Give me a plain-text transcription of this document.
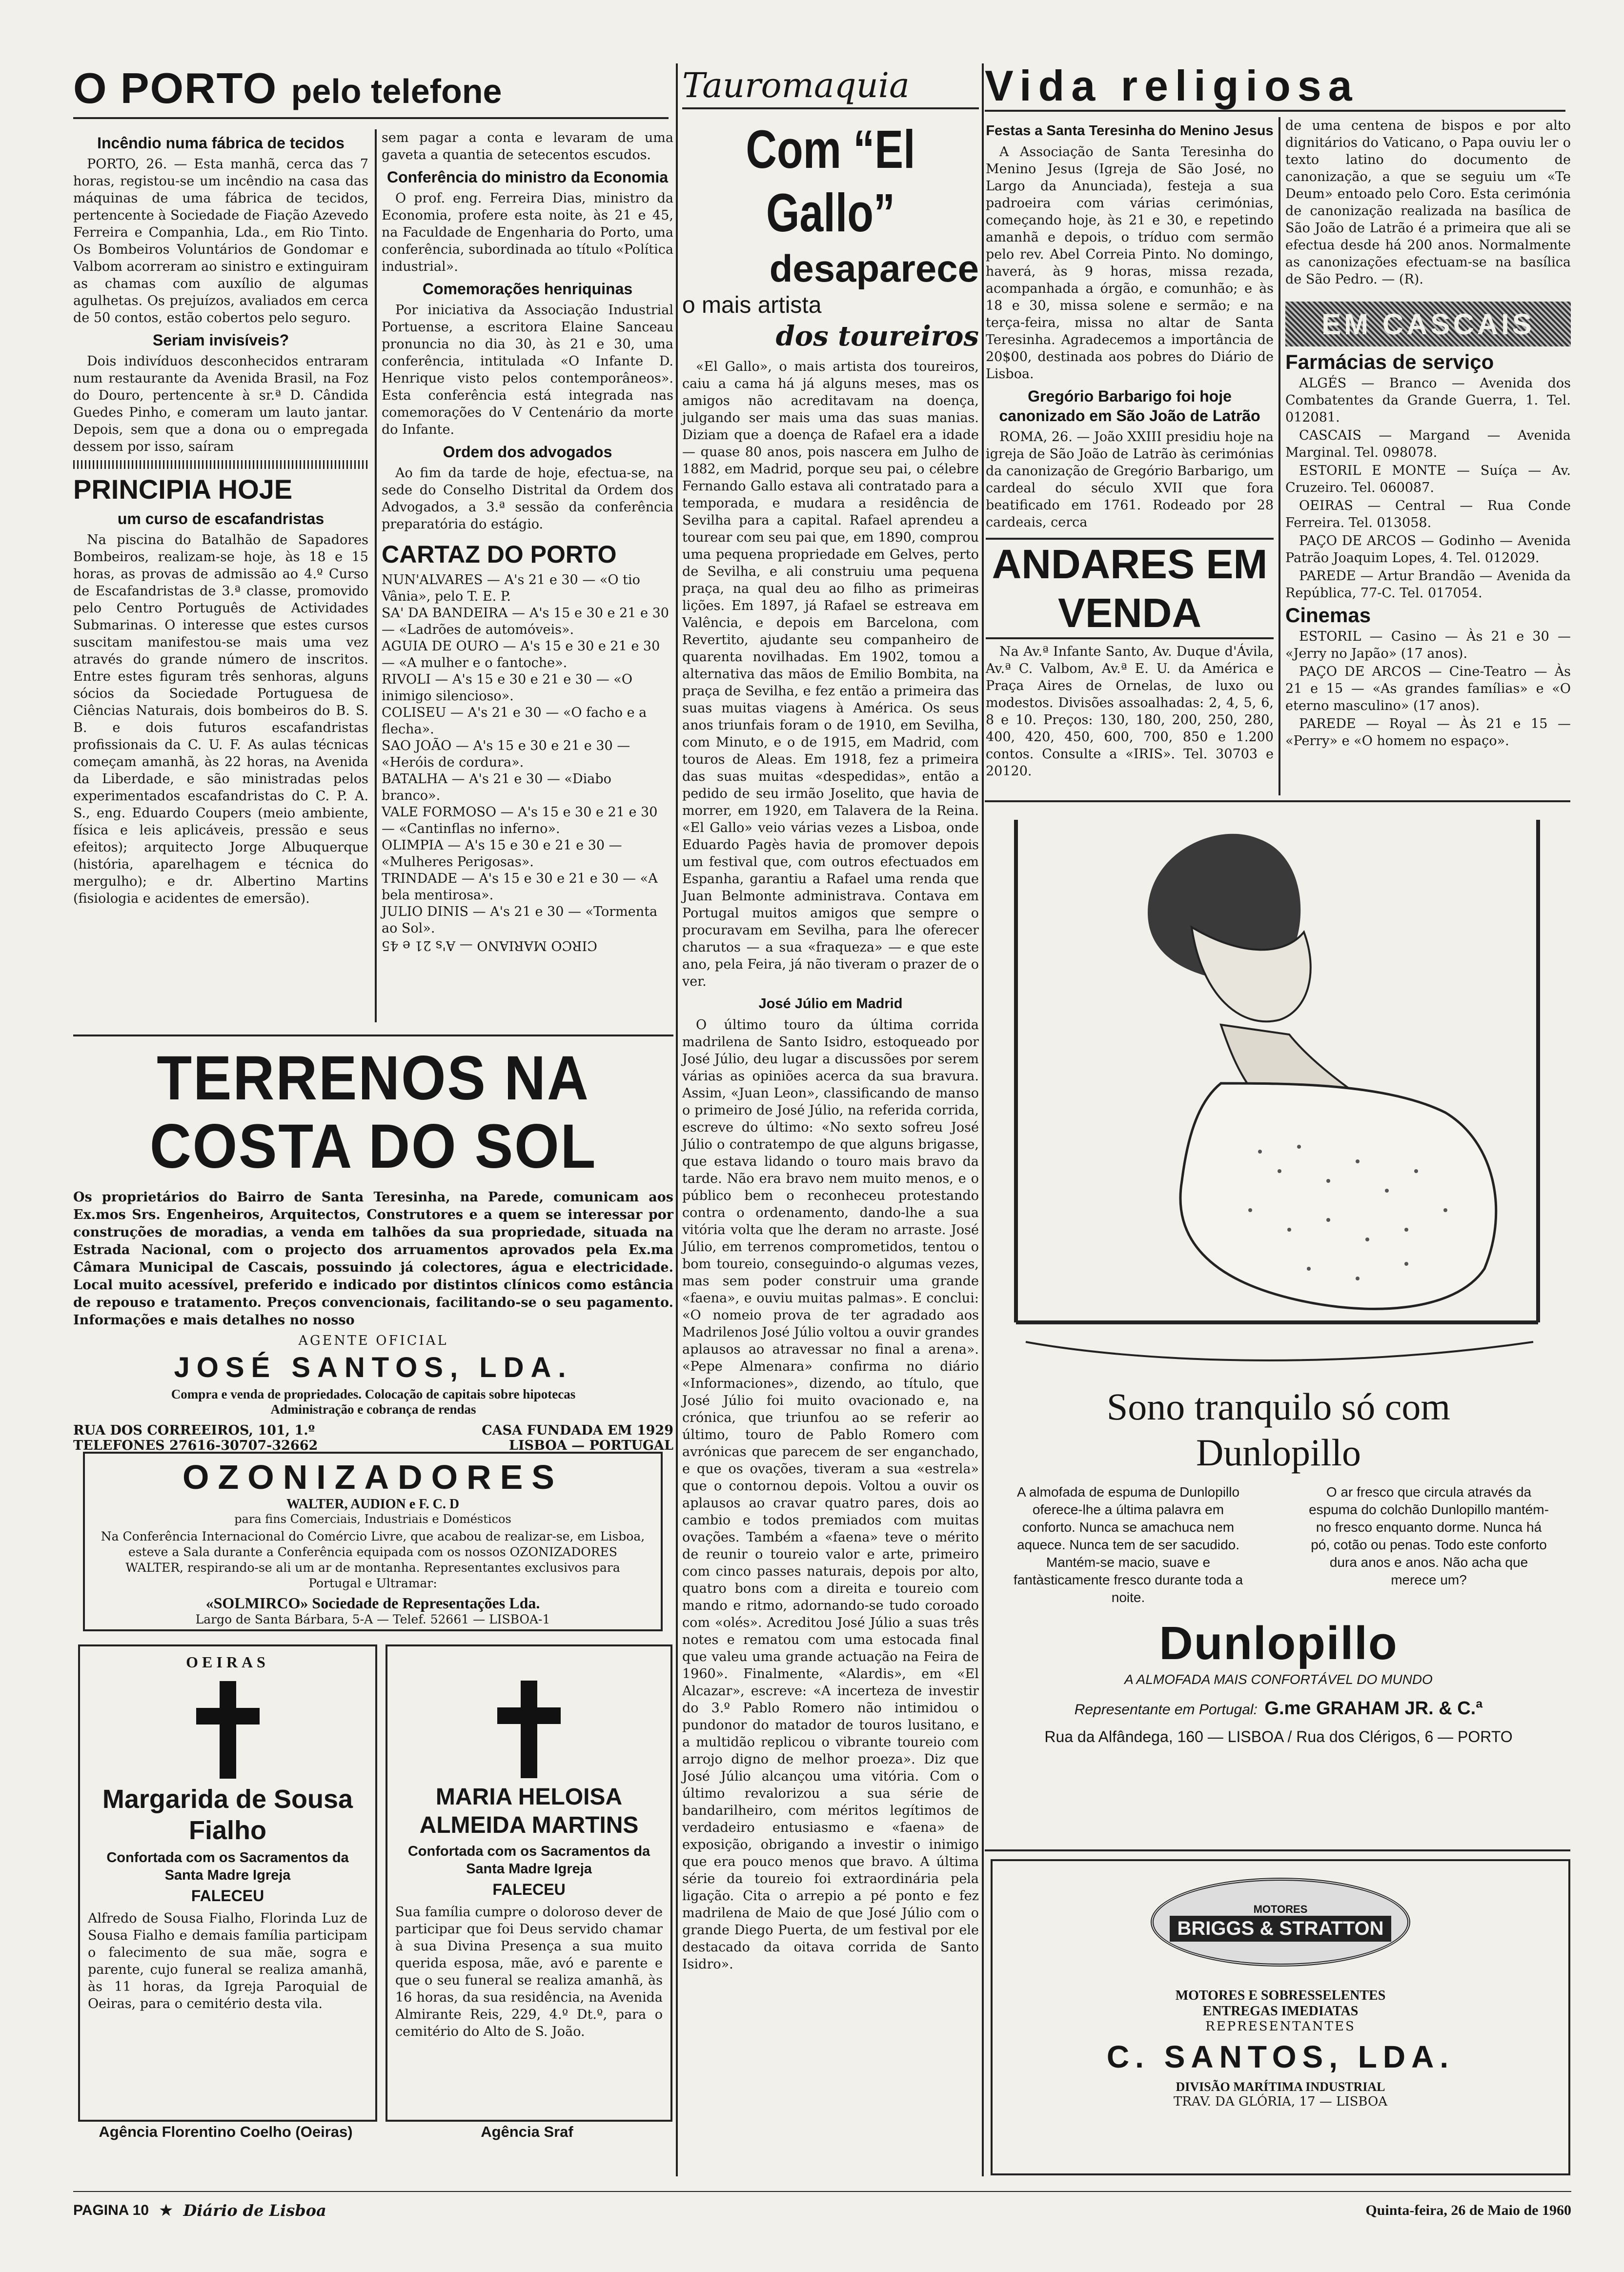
O PORTO pelo telefone
Incêndio numa fábrica de tecidos

PORTO, 26. — Esta manhã, cerca das 7 horas, registou-se um incêndio na casa das máquinas de uma fábrica de tecidos, pertencente à Sociedade de Fiação Azevedo Ferreira e Companhia, Lda., em Rio Tinto. Os Bombeiros Voluntários de Gondomar e Valbom acorreram ao sinistro e extinguiram as chamas com auxílio de algumas agulhetas. Os prejuízos, avaliados em cerca de 50 contos, estão cobertos pelo seguro.

Seriam invisíveis?

Dois indivíduos desconhecidos entraram num restaurante da Avenida Brasil, na Foz do Douro, pertencente à sr.ª D. Cândida Guedes Pinho, e comeram um lauto jantar. Depois, sem que a dona ou o empregada dessem por isso, saíram

PRINCIPIA HOJE
um curso de escafandristas

Na piscina do Batalhão de Sapadores Bombeiros, realizam-se hoje, às 18 e 15 horas, as provas de admissão ao 4.º Curso de Escafandristas de 3.ª classe, promovido pelo Centro Português de Actividades Submarinas. O interesse que estes cursos suscitam manifestou-se mais uma vez através do grande número de inscritos. Entre estes figuram três senhoras, alguns sócios da Sociedade Portuguesa de Ciências Naturais, dois bombeiros do B. S. B. e dois futuros escafandristas profissionais da C. U. F. As aulas técnicas começam amanhã, às 22 horas, na Avenida da Liberdade, e são ministradas pelos experimentados escafandristas do C. P. A. S., eng. Eduardo Coupers (meio ambiente, física e leis aplicáveis, pressão e seus efeitos); arquitecto Jorge Albuquerque (história, aparelhagem e técnica do mergulho); e dr. Albertino Martins (fisiologia e acidentes de emersão).

sem pagar a conta e levaram de uma gaveta a quantia de setecentos escudos.

Conferência do ministro da Economia

O prof. eng. Ferreira Dias, ministro da Economia, profere esta noite, às 21 e 45, na Faculdade de Engenharia do Porto, uma conferência, subordinada ao título «Política industrial».

Comemorações henriquinas

Por iniciativa da Associação Industrial Portuense, a escritora Elaine Sanceau pronuncia no dia 30, às 21 e 30, uma conferência, intitulada «O Infante D. Henrique visto pelos contemporâneos». Esta conferência está integrada nas comemorações do V Centenário da morte do Infante.

Ordem dos advogados

Ao fim da tarde de hoje, efectua-se, na sede do Conselho Distrital da Ordem dos Advogados, a 3.ª sessão da conferência preparatória do estágio.

CARTAZ DO PORTO

NUN'ALVARES — A's 21 e 30 — «O tio Vânia», pelo T. E. P.

SA' DA BANDEIRA — A's 15 e 30 e 21 e 30 — «Ladrões de automóveis».

AGUIA DE OURO — A's 15 e 30 e 21 e 30 — «A mulher e o fantoche».

RIVOLI — A's 15 e 30 e 21 e 30 — «O inimigo silencioso».

COLISEU — A's 21 e 30 — «O facho e a flecha».

SAO JOÃO — A's 15 e 30 e 21 e 30 — «Heróis de cordura».

BATALHA — A's 21 e 30 — «Diabo branco».

VALE FORMOSO — A's 15 e 30 e 21 e 30 — «Cantinflas no inferno».

OLIMPIA — A's 15 e 30 e 21 e 30 — «Mulheres Perigosas».

TRINDADE — A's 15 e 30 e 21 e 30 — «A bela mentirosa».

JULIO DINIS — A's 21 e 30 — «Tormenta ao Sol».

CIRCO MARIANO — A's 21 e 45

TERRENOS NA COSTA DO SOL
Os proprietários do Bairro de Santa Teresinha, na Parede, comunicam aos Ex.mos Srs. Engenheiros, Arquitectos, Construtores e a quem se interessar por construções de moradias, a venda em talhões da sua propriedade, situada na Estrada Nacional, com o projecto dos arruamentos aprovados pela Ex.ma Câmara Municipal de Cascais, possuindo já colectores, água e electricidade. Local muito acessível, preferido e indicado por distintos clínicos como estância de repouso e tratamento. Preços convencionais, facilitando-se o seu pagamento. Informações e mais detalhes no nosso
AGENTE OFICIAL
JOSÉ SANTOS, LDA.
Compra e venda de propriedades. Colocação de capitais sobre hipotecas
Administração e cobrança de rendas
RUA DOS CORREEIROS, 101, 1.º	CASA FUNDADA EM 1929
TELEFONES 27616-30707-32662	LISBOA — PORTUGAL
OZONIZADORES
WALTER, AUDION e F. C. D
para fins Comerciais, Industriais e Domésticos
Na Conferência Internacional do Comércio Livre, que acabou de realizar-se, em Lisboa, esteve a Sala durante a Conferência equipada com os nossos OZONIZADORES WALTER, respirando-se ali um ar de montanha. Representantes exclusivos para Portugal e Ultramar:
«SOLMIRCO» Sociedade de Representações Lda.
Largo de Santa Bárbara, 5-A — Telef. 52661 — LISBOA-1
OEIRAS
Margarida de Sousa Fialho
Confortada com os Sacramentos da Santa Madre Igreja
FALECEU
Alfredo de Sousa Fialho, Florinda Luz de Sousa Fialho e demais família participam o falecimento de sua mãe, sogra e parente, cujo funeral se realiza amanhã, às 11 horas, da Igreja Paroquial de Oeiras, para o cemitério desta vila.
Agência Florentino Coelho (Oeiras)
MARIA HELOISA ALMEIDA MARTINS
Confortada com os Sacramentos da Santa Madre Igreja
FALECEU
Sua família cumpre o doloroso dever de participar que foi Deus servido chamar à sua Divina Presença a sua muito querida esposa, mãe, avó e parente e que o seu funeral se realiza amanhã, às 16 horas, da sua residência, na Avenida Almirante Reis, 229, 4.º Dt.º, para o cemitério do Alto de S. João.
Agência Sraf
Tauromaquia
Com “El Gallo”
desaparece
o mais artista
dos toureiros

«El Gallo», o mais artista dos toureiros, caiu a cama há já alguns meses, mas os amigos não acreditavam na doença, julgando ser mais uma das suas manias. Diziam que a doença de Rafael era a idade — quase 80 anos, pois nascera em Julho de 1882, em Madrid, porque seu pai, o célebre Fernando Gallo estava ali contratado para a temporada, e mudara a residência de Sevilha para a capital. Rafael aprendeu a tourear com seu pai que, em 1890, comprou uma pequena propriedade em Gelves, perto de Sevilha, e ali construiu uma pequena praça, na qual deu ao filho as primeiras lições. Em 1897, já Rafael se estreava em Valência, e depois em Barcelona, com Revertito, ajudante seu companheiro de quarenta novilhadas. Em 1902, tomou a alternativa das mãos de Emilio Bombita, na praça de Sevilha, e fez então a primeira das suas muitas viagens à América. Os seus anos triunfais foram o de 1910, em Sevilha, com Minuto, e o de 1915, em Madrid, com touros de Aleas. Em 1918, fez a primeira das suas muitas «despedidas», então a pedido de seu irmão Joselito, que havia de morrer, em 1920, em Talavera de la Reina. «El Gallo» veio várias vezes a Lisboa, onde Eduardo Pagès havia de promover depois um festival que, com outros efectuados em Espanha, garantiu a Rafael uma renda que Juan Belmonte administrava. Contava em Portugal muitos amigos que sempre o procuravam em Sevilha, para lhe oferecer charutos — a sua «fraqueza» — e que este ano, pela Feira, já não tiveram o prazer de o ver.

José Júlio em Madrid

O último touro da última corrida madrilena de Santo Isidro, estoqueado por José Júlio, deu lugar a discussões por serem várias as opiniões acerca da sua bravura. Assim, «Juan Leon», classificando de manso o primeiro de José Júlio, na referida corrida, escreve do último: «No sexto sofreu José Júlio o contratempo de que alguns brigasse, que estava lidando o touro mais bravo da tarde. Não era bravo nem muito menos, e o público bem o reconheceu protestando contra o ordenamento, dando-lhe a sua vitória volta que lhe deram no arraste. José Júlio, em terrenos comprometidos, tentou o bom toureio, conseguindo-o algumas vezes, mas sem poder construir uma grande «faena», e ouviu muitas palmas». E conclui: «O nomeio prova de ter agradado aos Madrilenos José Júlio voltou a ouvir grandes aplausos ao atravessar no final a arena». «Pepe Almenara» confirma no diário «Informaciones», dizendo, ao título, que José Júlio foi muito ovacionado e, na crónica, que triunfou ao se referir ao último, touro de Pablo Romero com avrónicas que parecem de ser enganchado, e que os ovações, tiveram a sua «estrela» que o contornou depois. Voltou a ouvir os aplausos ao cravar quatro pares, dois ao cambio e todos premiados com muitas ovações. Também a «faena» teve o mérito de reunir o toureio valor e arte, primeiro com cinco passes naturais, depois por alto, quatro bons com a direita e toureio com mando e ritmo, adornando-se tudo coroado com «olés». Acreditou José Júlio a suas três notes e rematou com uma estocada final que valeu uma grande actuação na Feira de 1960». Finalmente, «Alardis», em «El Alcazar», escreve: «A incerteza de investir do 3.º Pablo Romero não intimidou o pundonor do matador de touros lusitano, e a multidão replicou o vibrante toureio com arrojo digno de melhor proeza». Diz que José Júlio alcançou uma vitória. Com o último revalorizou a sua série de bandarilheiro, com méritos legítimos de verdadeiro entusiasmo e «faena» de exposição, obrigando a investir o inimigo que era pouco menos que bravo. A última série da toureio foi extraordinária pela ligação. Cita o arrepio a pé ponto e fez madrilena de Maio de que José Júlio com o grande Diego Puerta, de um festival por ele destacado da oitava corrida de Santo Isidro».

Vida religiosa
Festas a Santa Teresinha do Menino Jesus

A Associação de Santa Teresinha do Menino Jesus (Igreja de São José, no Largo da Anunciada), festeja a sua padroeira com várias cerimónias, começando hoje, às 21 e 30, e repetindo amanhã e depois, o tríduo com sermão pelo rev. Abel Correia Pinto. No domingo, haverá, às 9 horas, missa rezada, acompanhada a órgão, e comunhão; e às 18 e 30, missa solene e sermão; e na terça-feira, missa no altar de Santa Teresinha. Agradecemos a importância de 20$00, destinada aos pobres do Diário de Lisboa.

Gregório Barbarigo foi hoje canonizado em São João de Latrão

ROMA, 26. — João XXIII presidiu hoje na igreja de São João de Latrão às cerimónias da canonização de Gregório Barbarigo, um cardeal do século XVII que fora beatificado em 1761. Rodeado por 28 cardeais, cerca

ANDARES EM VENDA

Na Av.ª Infante Santo, Av. Duque d'Ávila, Av.ª C. Valbom, Av.ª E. U. da América e Praça Aires de Ornelas, de luxo ou modestos. Divisões assoalhadas: 2, 4, 5, 6, 8 e 10. Preços: 130, 180, 200, 250, 280, 400, 420, 450, 600, 700, 850 e 1.200 contos. Consulte a «IRIS». Tel. 30703 e 20120.

de uma centena de bispos e por alto dignitários do Vaticano, o Papa ouviu ler o texto latino do documento de canonização, a que se seguiu um «Te Deum» entoado pelo Coro. Esta cerimónia de canonização realizada na basílica de São João de Latrão é a primeira que ali se efectua desde há 200 anos. Normalmente as canonizações efectuam-se na basílica de São Pedro. — (R).

EM CASCAIS
Farmácias de serviço

ALGÉS — Branco — Avenida dos Combatentes da Grande Guerra, 1. Tel. 012081.

CASCAIS — Margand — Avenida Marginal. Tel. 098078.

ESTORIL E MONTE — Suíça — Av. Cruzeiro. Tel. 060087.

OEIRAS — Central — Rua Conde Ferreira. Tel. 013058.

PAÇO DE ARCOS — Godinho — Avenida Patrão Joaquim Lopes, 4. Tel. 012029.

PAREDE — Artur Brandão — Avenida da República, 77-C. Tel. 017054.

Cinemas

ESTORIL — Casino — Às 21 e 30 — «Jerry no Japão» (17 anos).

PAÇO DE ARCOS — Cine-Teatro — Às 21 e 15 — «As grandes famílias» e «O eterno masculino» (17 anos).

PAREDE — Royal — Às 21 e 15 — «Perry» e «O homem no espaço».

Sono tranquilo só com
Dunlopillo
A almofada de espuma de Dunlopillo oferece-lhe a última palavra em conforto. Nunca se amachuca nem aquece. Nunca tem de ser sacudido. Mantém-se macio, suave e fantàsticamente fresco durante toda a noite.
O ar fresco que circula através da espuma do colchão Dunlopillo mantém-no fresco enquanto dorme. Nunca há pó, cotão ou penas. Todo este conforto dura anos e anos. Não acha que merece um?
Dunlopillo
A ALMOFADA MAIS CONFORTÁVEL DO MUNDO
Representante em Portugal: G.me GRAHAM JR. & C.ª
Rua da Alfândega, 160 — LISBOA / Rua dos Clérigos, 6 — PORTO
MOTORES
BRIGGS & STRATTON
MOTORES E SOBRESSELENTES
ENTREGAS IMEDIATAS
REPRESENTANTES
C. SANTOS, LDA.
DIVISÃO MARÍTIMA INDUSTRIAL
TRAV. DA GLÓRIA, 17 — LISBOA
PAGINA 10 ★ Diário de Lisboa	Quinta-feira, 26 de Maio de 1960
